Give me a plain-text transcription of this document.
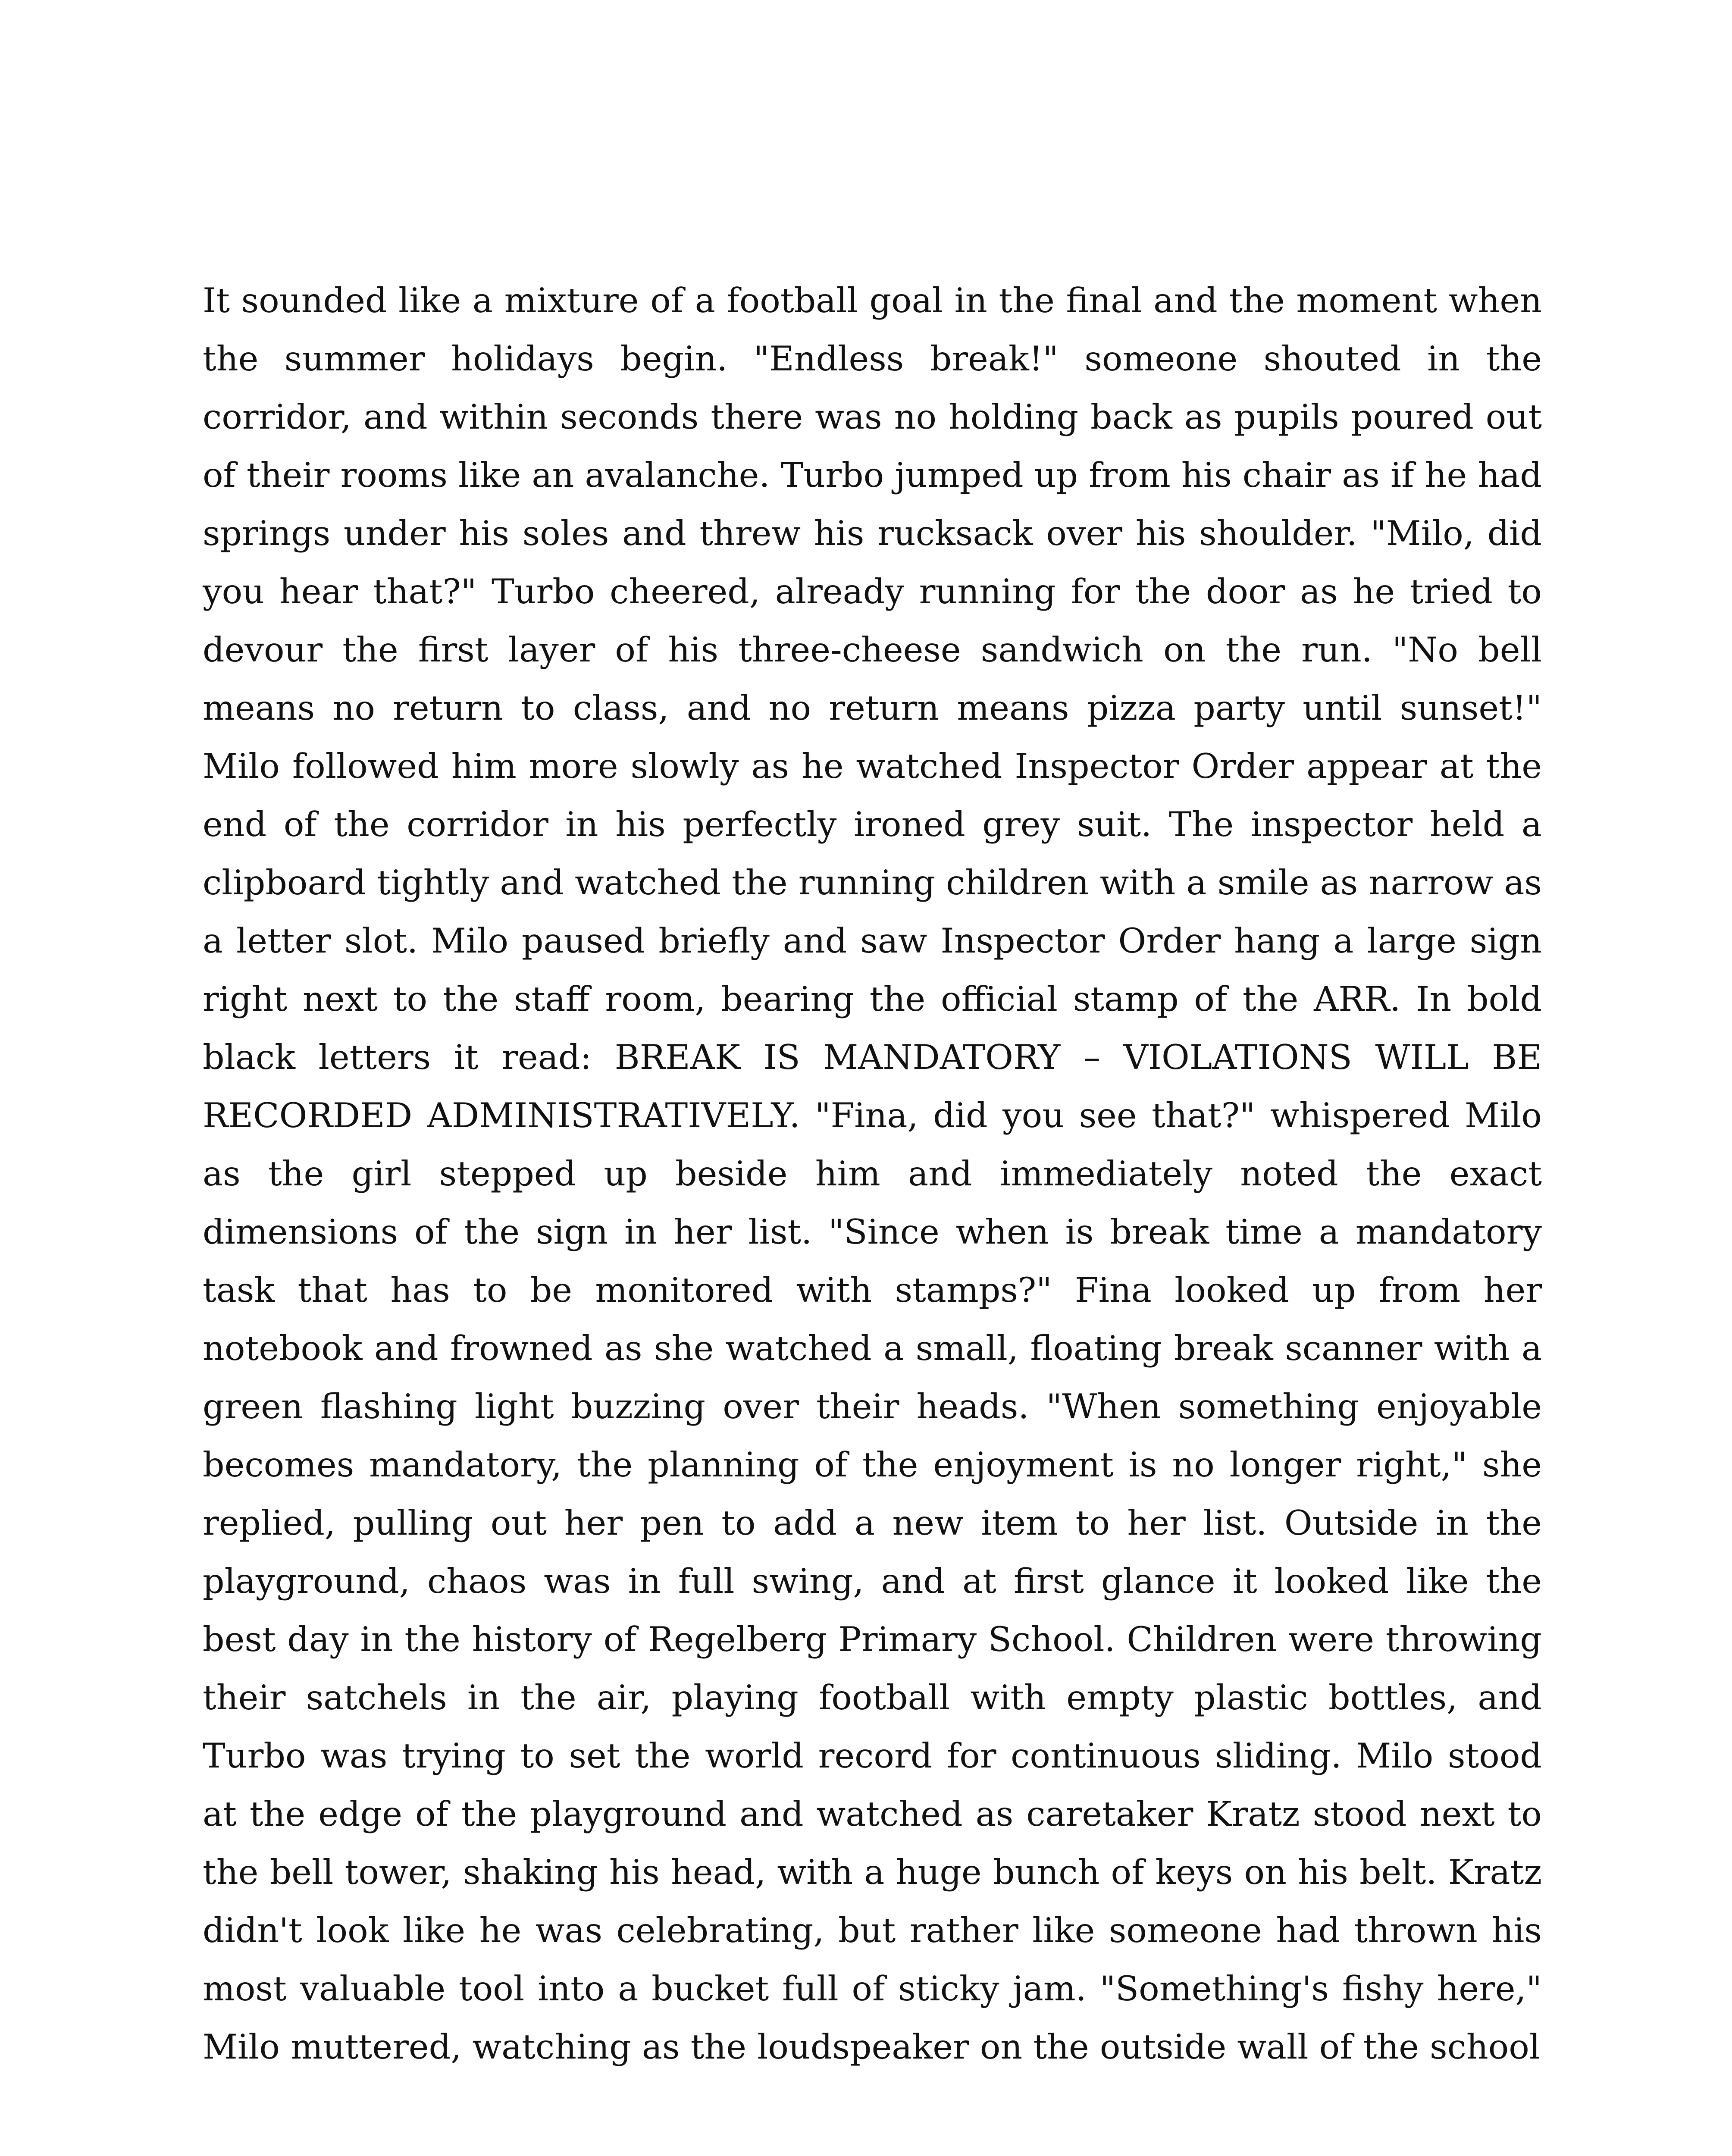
It sounded like a mixture of a football goal in the final and the moment when the summer holidays begin. "Endless break!" someone shouted in the corridor, and within seconds there was no holding back as pupils poured out of their rooms like an avalanche. Turbo jumped up from his chair as if he had springs under his soles and threw his rucksack over his shoulder. "Milo, did you hear that?" Turbo cheered, already running for the door as he tried to devour the first layer of his three-cheese sandwich on the run. "No bell means no return to class, and no return means pizza party until sunset!" Milo followed him more slowly as he watched Inspector Order appear at the end of the corridor in his perfectly ironed grey suit. The inspector held a clipboard tightly and watched the running children with a smile as narrow as a letter slot. Milo paused briefly and saw Inspector Order hang a large sign right next to the staff room, bearing the official stamp of the ARR. In bold black letters it read: BREAK IS MANDATORY – VIOLATIONS WILL BE RECORDED ADMINISTRATIVELY. "Fina, did you see that?" whispered Milo as the girl stepped up beside him and immediately noted the exact dimensions of the sign in her list. "Since when is break time a mandatory task that has to be monitored with stamps?" Fina looked up from her notebook and frowned as she watched a small, floating break scanner with a green flashing light buzzing over their heads. "When something enjoyable becomes mandatory, the planning of the enjoyment is no longer right," she replied, pulling out her pen to add a new item to her list. Outside in the playground, chaos was in full swing, and at first glance it looked like the best day in the history of Regelberg Primary School. Children were throwing their satchels in the air, playing football with empty plastic bottles, and Turbo was trying to set the world record for continuous sliding. Milo stood at the edge of the playground and watched as caretaker Kratz stood next to the bell tower, shaking his head, with a huge bunch of keys on his belt. Kratz didn't look like he was celebrating, but rather like someone had thrown his most valuable tool into a bucket full of sticky jam. "Something's fishy here," Milo muttered, watching as the loudspeaker on the outside wall of the school
